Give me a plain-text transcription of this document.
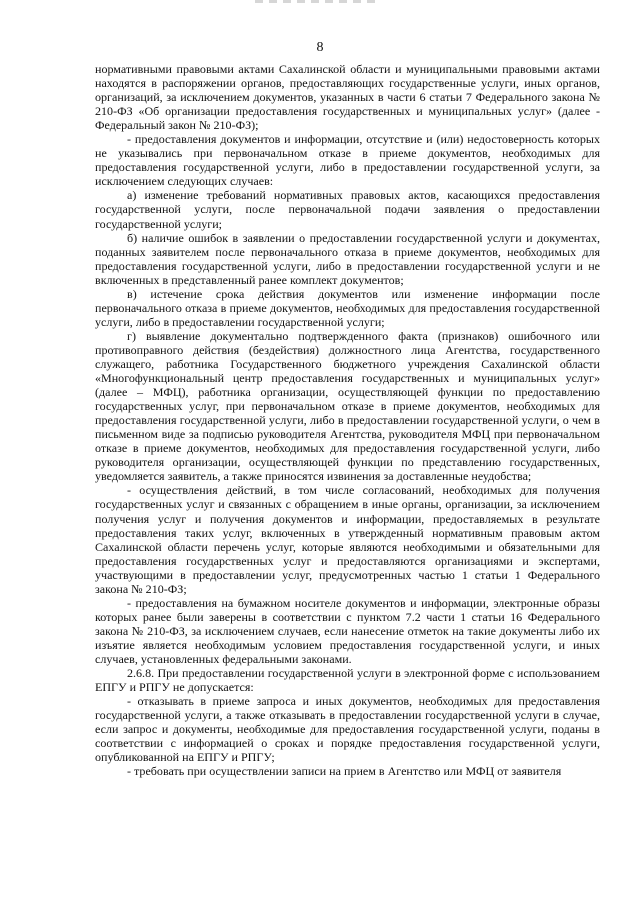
8

нормативными правовыми актами Сахалинской области и муниципальными правовыми актами находятся в распоряжении органов, предоставляющих государственные услуги, иных органов, организаций, за исключением документов, указанных в части 6 статьи 7 Федерального закона № 210-ФЗ «Об организации предоставления государственных и муниципальных услуг» (далее - Федеральный закон № 210-ФЗ);

- предоставления документов и информации, отсутствие и (или) недостоверность которых не указывались при первоначальном отказе в приеме документов, необходимых для предоставления государственной услуги, либо в предоставлении государственной услуги, за исключением следующих случаев:

а) изменение требований нормативных правовых актов, касающихся предоставления государственной услуги, после первоначальной подачи заявления о предоставлении государственной услуги;

б) наличие ошибок в заявлении о предоставлении государственной услуги и документах, поданных заявителем после первоначального отказа в приеме документов, необходимых для предоставления государственной услуги, либо в предоставлении государственной услуги и не включенных в представленный ранее комплект документов;

в) истечение срока действия документов или изменение информации после первоначального отказа в приеме документов, необходимых для предоставления государственной услуги, либо в предоставлении государственной услуги;

г) выявление документально подтвержденного факта (признаков) ошибочного или противоправного действия (бездействия) должностного лица Агентства, государственного служащего, работника Государственного бюджетного учреждения Сахалинской области «Многофункциональный центр предоставления государственных и муниципальных услуг» (далее – МФЦ), работника организации, осуществляющей функции по предоставлению государственных услуг, при первоначальном отказе в приеме документов, необходимых для предоставления государственной услуги, либо в предоставлении государственной услуги, о чем в письменном виде за подписью руководителя Агентства, руководителя МФЦ при первоначальном отказе в приеме документов, необходимых для предоставления государственной услуги, либо руководителя организации, осуществляющей функции по представлению государственных, уведомляется заявитель, а также приносятся извинения за доставленные неудобства;

- осуществления действий, в том числе согласований, необходимых для получения государственных услуг и связанных с обращением в иные органы, организации, за исключением получения услуг и получения документов и информации, предоставляемых в результате предоставления таких услуг, включенных в утвержденный нормативным правовым актом Сахалинской области перечень услуг, которые являются необходимыми и обязательными для предоставления государственных услуг и предоставляются организациями и экспертами, участвующими в предоставлении услуг, предусмотренных частью 1 статьи 1 Федерального закона № 210-ФЗ;

- предоставления на бумажном носителе документов и информации, электронные образы которых ранее были заверены в соответствии с пунктом 7.2 части 1 статьи 16 Федерального закона № 210-ФЗ, за исключением случаев, если нанесение отметок на такие документы либо их изъятие является необходимым условием предоставления государственной услуги, и иных случаев, установленных федеральными законами.

2.6.8. При предоставлении государственной услуги в электронной форме с использованием ЕПГУ и РПГУ не допускается:

- отказывать в приеме запроса и иных документов, необходимых для предоставления государственной услуги, а также отказывать в предоставлении государственной услуги в случае, если запрос и документы, необходимые для предоставления государственной услуги, поданы в соответствии с информацией о сроках и порядке предоставления государственной услуги, опубликованной на ЕПГУ и РПГУ;

- требовать при осуществлении записи на прием в Агентство или МФЦ от заявителя
